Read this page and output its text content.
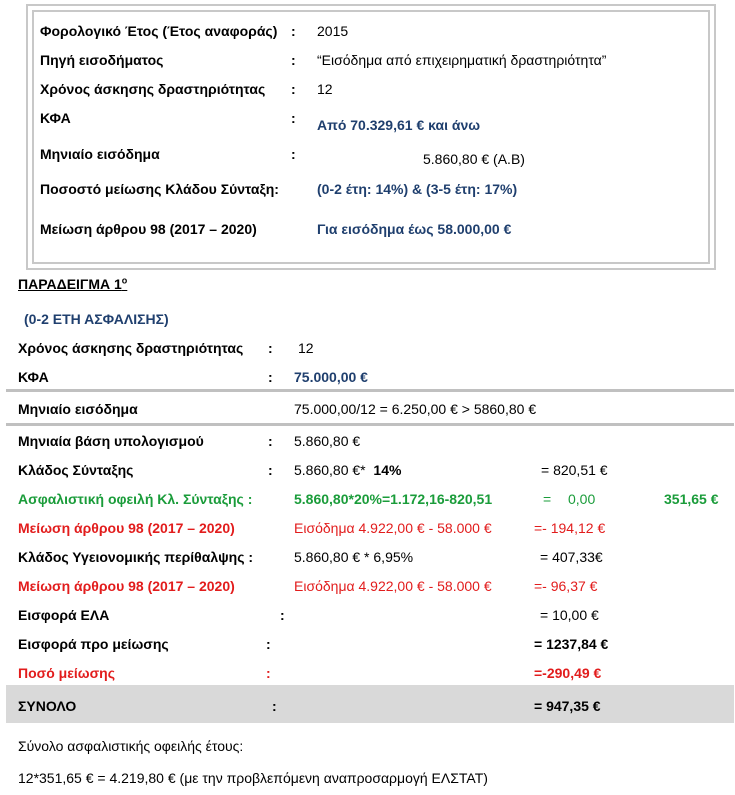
Φορολογικό Έτος (Έτος αναφοράς) : 2015
Πηγή εισοδήματος	: “Εισόδημα από επιχειρηματική δραστηριότητα”
Χρόνος άσκησης δραστηριότητας : 12
ΚΦΑ	: Από 70.329,61 € και άνω
Μηνιαίο εισόδημα	:	5.860,80 € (Α.Β)
Ποσοστό μείωσης Κλάδου Σύνταξη:	(0-2 έτη: 14%) & (3-5 έτη: 17%)
Μείωση άρθρου 98 (2017 – 2020)	Για εισόδημα έως 58.000,00 €
ΠΑΡΑΔΕΙΓΜΑ $1^o$
(0-2 ΕΤΗ ΑΣΦΑΛΙΣΗΣ)
Χρόνος άσκησης δραστηριότητας : 12
ΚΦΑ	: 75.000,00 €
Μηνιαίο εισόδημα	75.000,00/12 = 6.250,00 € > 5860,80 €
Μηνιαία βάση υπολογισμού	: 5.860,80 €
Κλάδος Σύνταξης	: 5.860,80 €* 14%	= 820,51 €
Ασφαλιστική οφειλή Κλ. Σύνταξης :	5.860,80*20%=1.172,16-820,51	= 0,00	351,65 €
Μείωση άρθρου 98 (2017 – 2020)	Εισόδημα 4.922,00 € - 58.000 €	=- 194,12 €
Κλάδος Υγειονομικής περίθαλψης :	5.860,80 € * 6,95%	= 407,33€
Μείωση άρθρου 98 (2017 – 2020)	Εισόδημα 4.922,00 € - 58.000 €	=- 96,37 €
Εισφορά ΕΛΑ	:	= 10,00 €
Εισφορά προ μείωσης	:	= 1237,84 €
Ποσό μείωσης	:	=-290,49 €
ΣΥΝΟΛΟ	:	= 947,35 €
Σύνολο ασφαλιστικής οφειλής έτους:
12*351,65 € = 4.219,80 € (με την προβλεπόμενη αναπροσαρμογή ΕΛΣΤΑΤ)
